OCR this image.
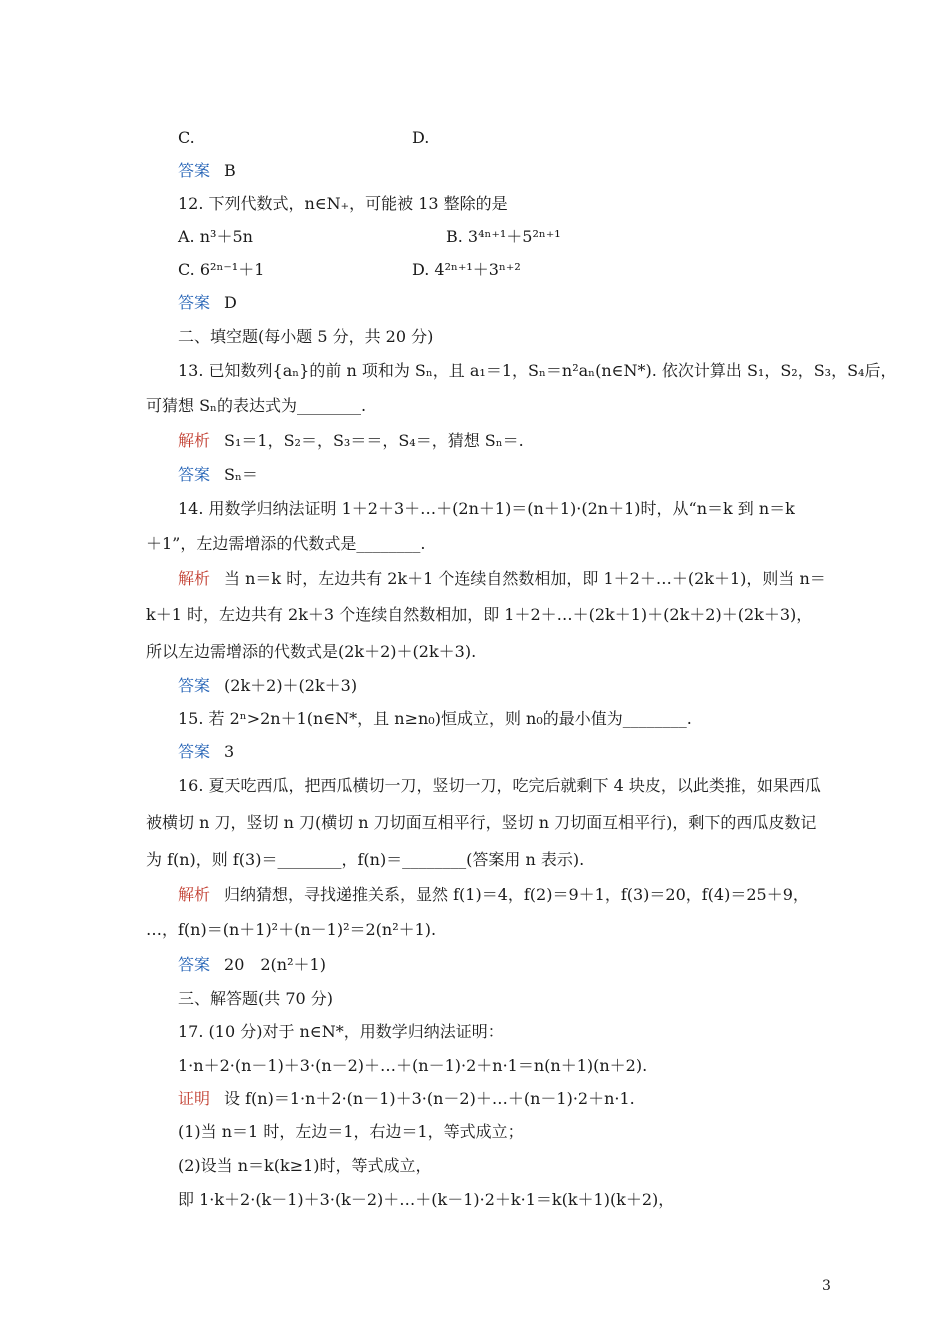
C.	D.
答案 B
12. 下列代数式，n∈N₊，可能被 13 整除的是
A. n³＋5n	B. 3⁴ⁿ⁺¹＋5²ⁿ⁺¹
C. 6²ⁿ⁻¹＋1	D. 4²ⁿ⁺¹＋3ⁿ⁺²
答案 D
二、填空题(每小题 5 分，共 20 分)
13. 已知数列{aₙ}的前 n 项和为 Sₙ，且 a₁＝1，Sₙ＝n²aₙ(n∈N*). 依次计算出 S₁，S₂，S₃，S₄后，
可猜想 Sₙ的表达式为________.
解析 S₁＝1，S₂＝，S₃＝＝，S₄＝，猜想 Sₙ＝.
答案 Sₙ＝
14. 用数学归纳法证明 1＋2＋3＋…＋(2n＋1)＝(n＋1)·(2n＋1)时，从“n＝k 到 n＝k
＋1”，左边需增添的代数式是________.
解析 当 n＝k 时，左边共有 2k＋1 个连续自然数相加，即 1＋2＋…＋(2k＋1)，则当 n＝
k＋1 时，左边共有 2k＋3 个连续自然数相加，即 1＋2＋…＋(2k＋1)＋(2k＋2)＋(2k＋3)，
所以左边需增添的代数式是(2k＋2)＋(2k＋3).
答案 (2k＋2)＋(2k＋3)
15. 若 2ⁿ>2n＋1(n∈N*，且 n≥n₀)恒成立，则 n₀的最小值为________.
答案 3
16. 夏天吃西瓜，把西瓜横切一刀，竖切一刀，吃完后就剩下 4 块皮，以此类推，如果西瓜
被横切 n 刀，竖切 n 刀(横切 n 刀切面互相平行，竖切 n 刀切面互相平行)，剩下的西瓜皮数记
为 f(n)，则 f(3)＝________，f(n)＝________(答案用 n 表示).
解析 归纳猜想，寻找递推关系，显然 f(1)＝4，f(2)＝9＋1，f(3)＝20，f(4)＝25＋9，
…，f(n)＝(n＋1)²＋(n－1)²＝2(n²＋1).
答案 20　2(n²＋1)
三、解答题(共 70 分)
17. (10 分)对于 n∈N*，用数学归纳法证明：
1·n＋2·(n－1)＋3·(n－2)＋…＋(n－1)·2＋n·1＝n(n＋1)(n＋2).
证明 设 f(n)＝1·n＋2·(n－1)＋3·(n－2)＋…＋(n－1)·2＋n·1.
(1)当 n＝1 时，左边＝1，右边＝1，等式成立；
(2)设当 n＝k(k≥1)时，等式成立，
即 1·k＋2·(k－1)＋3·(k－2)＋…＋(k－1)·2＋k·1＝k(k＋1)(k＋2)，
3
